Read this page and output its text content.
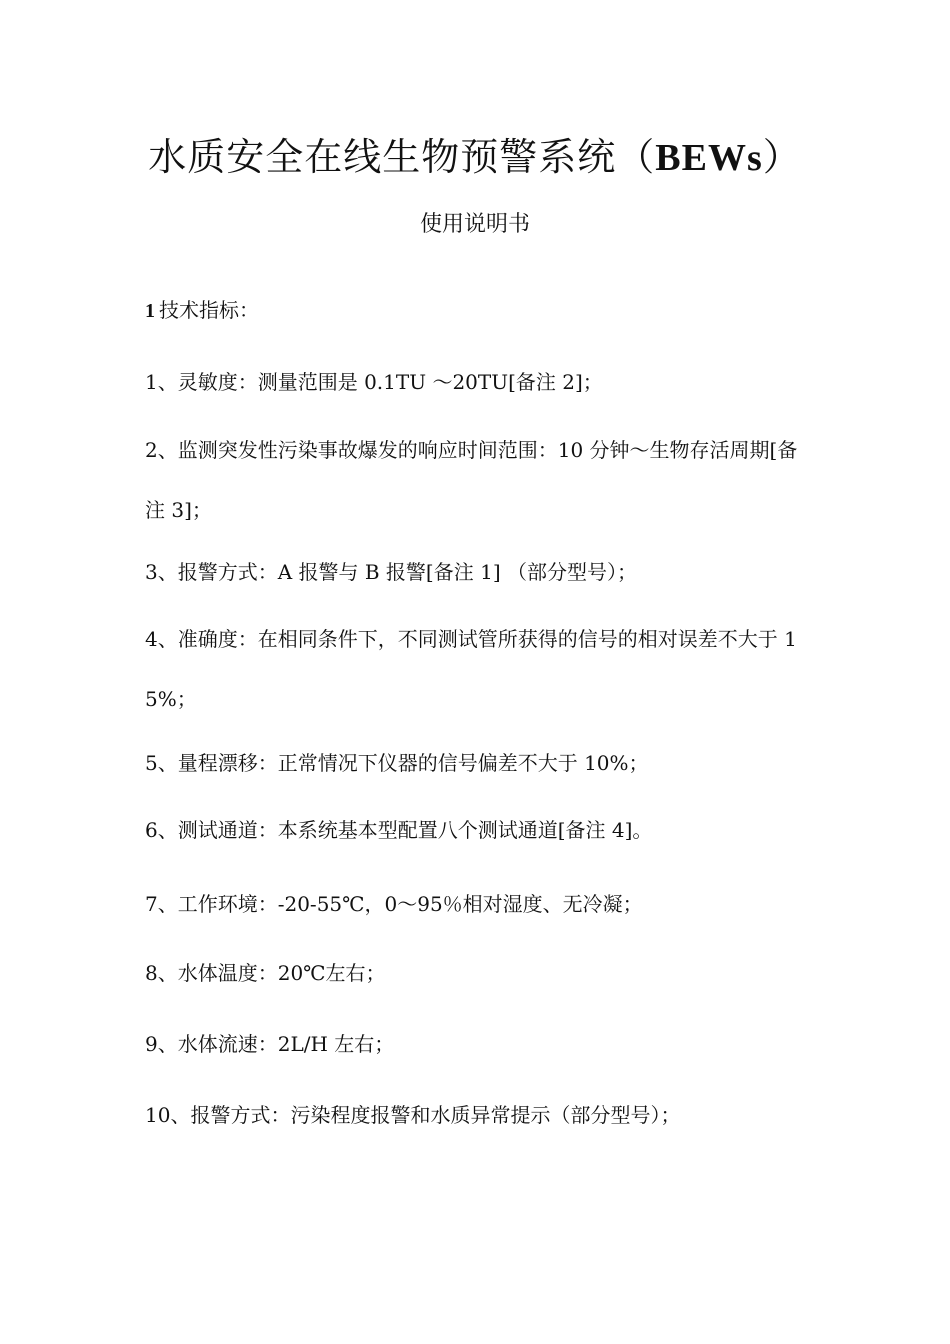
水质安全在线生物预警系统（BEWs）
使用说明书
1 技术指标：
1、灵敏度：测量范围是 0.1TU ～20TU[备注 2]；
2、监测突发性污染事故爆发的响应时间范围：10 分钟～生物存活周期[备注 3]；
3、报警方式：A 报警与 B 报警[备注 1] （部分型号）；
4、准确度：在相同条件下，不同测试管所获得的信号的相对误差不大于 15%；
5、量程漂移：正常情况下仪器的信号偏差不大于 10%；
6、测试通道：本系统基本型配置八个测试通道[备注 4]。
7、工作环境：-20-55℃，0～95％相对湿度、无冷凝；
8、水体温度：20℃左右；
9、水体流速：2L/H 左右；
10、报警方式：污染程度报警和水质异常提示（部分型号）；
